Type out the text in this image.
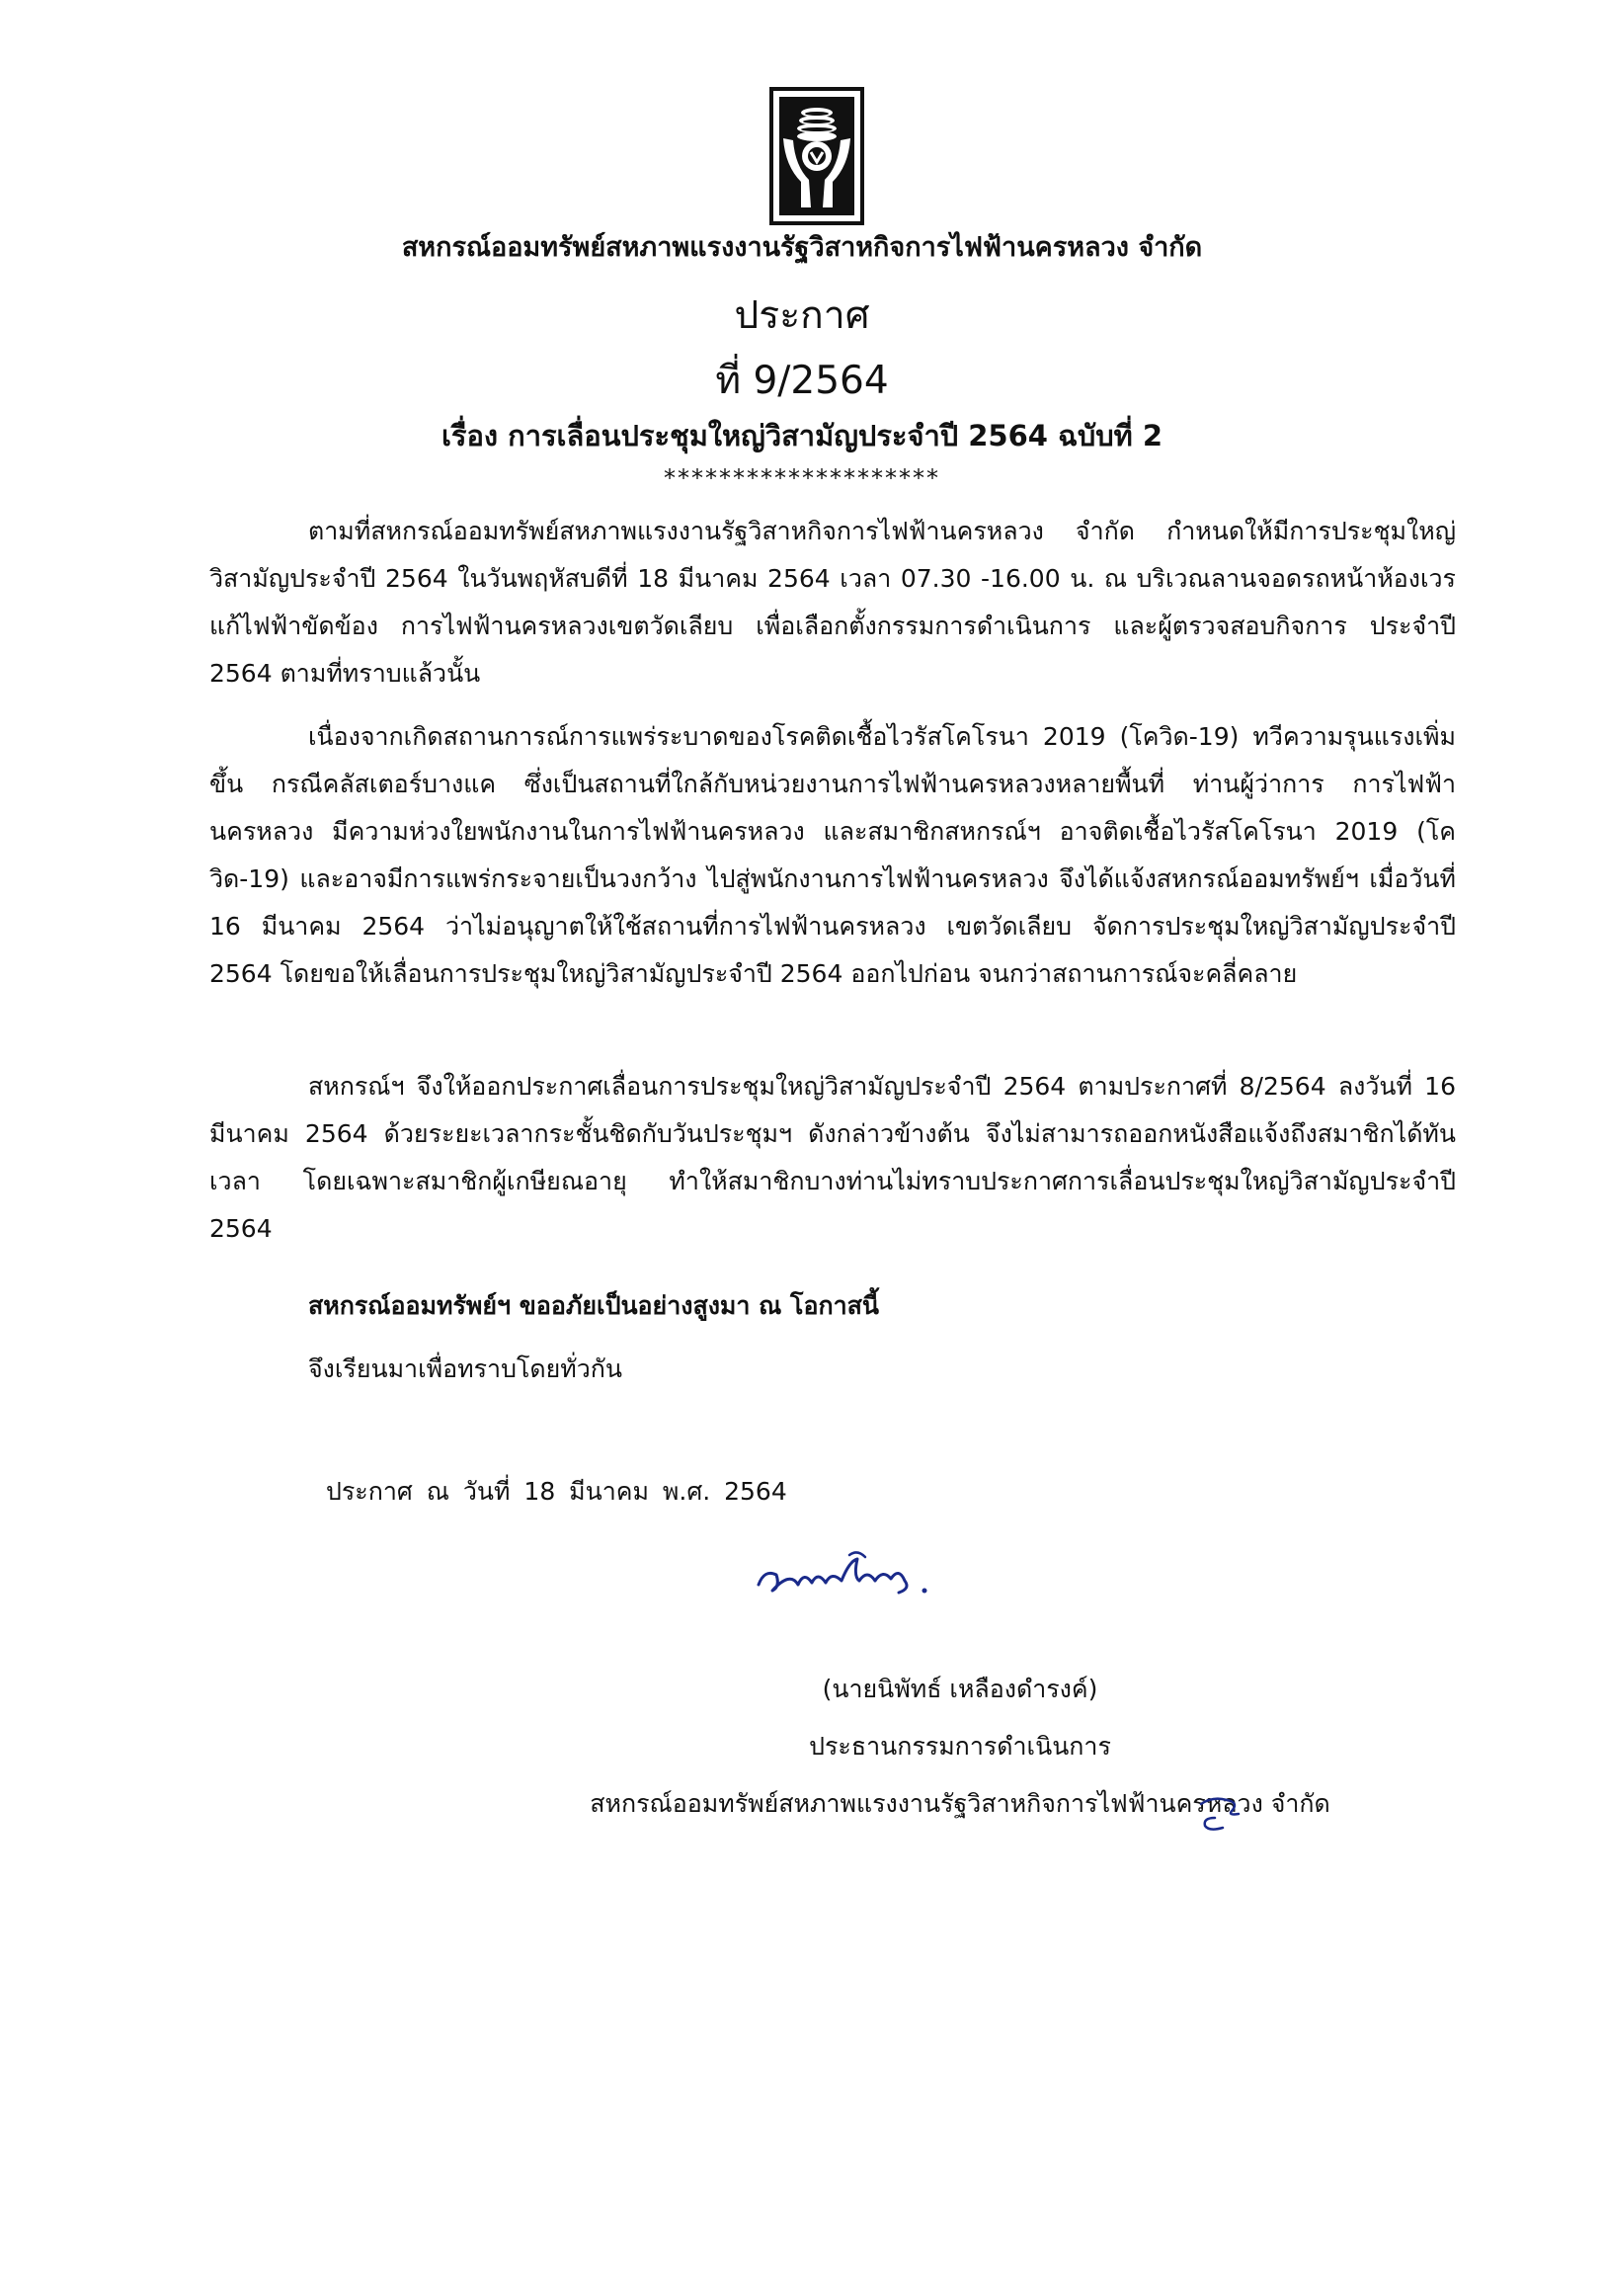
สหกรณ์ออมทรัพย์สหภาพแรงงานรัฐวิสาหกิจการไฟฟ้านครหลวง จำกัด
ประกาศ
ที่ 9/2564
เรื่อง การเลื่อนประชุมใหญ่วิสามัญประจำปี 2564 ฉบับที่ 2
********************

ตามที่สหกรณ์ออมทรัพย์สหภาพแรงงานรัฐวิสาหกิจการไฟฟ้านครหลวง จำกัด กำหนดให้มีการประชุมใหญ่วิสามัญประจำปี 2564 ในวันพฤหัสบดีที่ 18 มีนาคม 2564 เวลา 07.30 -16.00 น. ณ บริเวณลานจอดรถหน้าห้องเวรแก้ไฟฟ้าขัดข้อง การไฟฟ้านครหลวงเขตวัดเลียบ เพื่อเลือกตั้งกรรมการดำเนินการ และผู้ตรวจสอบกิจการ ประจำปี 2564 ตามที่ทราบแล้วนั้น

เนื่องจากเกิดสถานการณ์การแพร่ระบาดของโรคติดเชื้อไวรัสโคโรนา 2019 (โควิด-19) ทวีความรุนแรงเพิ่มขึ้น กรณีคลัสเตอร์บางแค ซึ่งเป็นสถานที่ใกล้กับหน่วยงานการไฟฟ้านครหลวงหลายพื้นที่ ท่านผู้ว่าการ การไฟฟ้านครหลวง มีความห่วงใยพนักงานในการไฟฟ้านครหลวง และสมาชิกสหกรณ์ฯ อาจติดเชื้อไวรัสโคโรนา 2019 (โควิด-19) และอาจมีการแพร่กระจายเป็นวงกว้าง ไปสู่พนักงานการไฟฟ้านครหลวง จึงได้แจ้งสหกรณ์ออมทรัพย์ฯ เมื่อวันที่ 16 มีนาคม 2564 ว่าไม่อนุญาตให้ใช้สถานที่การไฟฟ้านครหลวง เขตวัดเลียบ จัดการประชุมใหญ่วิสามัญประจำปี 2564 โดยขอให้เลื่อนการประชุมใหญ่วิสามัญประจำปี 2564 ออกไปก่อน จนกว่าสถานการณ์จะคลี่คลาย

สหกรณ์ฯ จึงให้ออกประกาศเลื่อนการประชุมใหญ่วิสามัญประจำปี 2564 ตามประกาศที่ 8/2564 ลงวันที่ 16 มีนาคม 2564 ด้วยระยะเวลากระชั้นชิดกับวันประชุมฯ ดังกล่าวข้างต้น จึงไม่สามารถออกหนังสือแจ้งถึงสมาชิกได้ทันเวลา โดยเฉพาะสมาชิกผู้เกษียณอายุ ทำให้สมาชิกบางท่านไม่ทราบประกาศการเลื่อนประชุมใหญ่วิสามัญประจำปี 2564

สหกรณ์ออมทรัพย์ฯ ขออภัยเป็นอย่างสูงมา ณ โอกาสนี้
จึงเรียนมาเพื่อทราบโดยทั่วกัน
ประกาศ ณ วันที่ 18 มีนาคม พ.ศ. 2564
(นายนิพัทธ์ เหลืองดำรงค์)
ประธานกรรมการดำเนินการ
สหกรณ์ออมทรัพย์สหภาพแรงงานรัฐวิสาหกิจการไฟฟ้านครหลวง จำกัด
